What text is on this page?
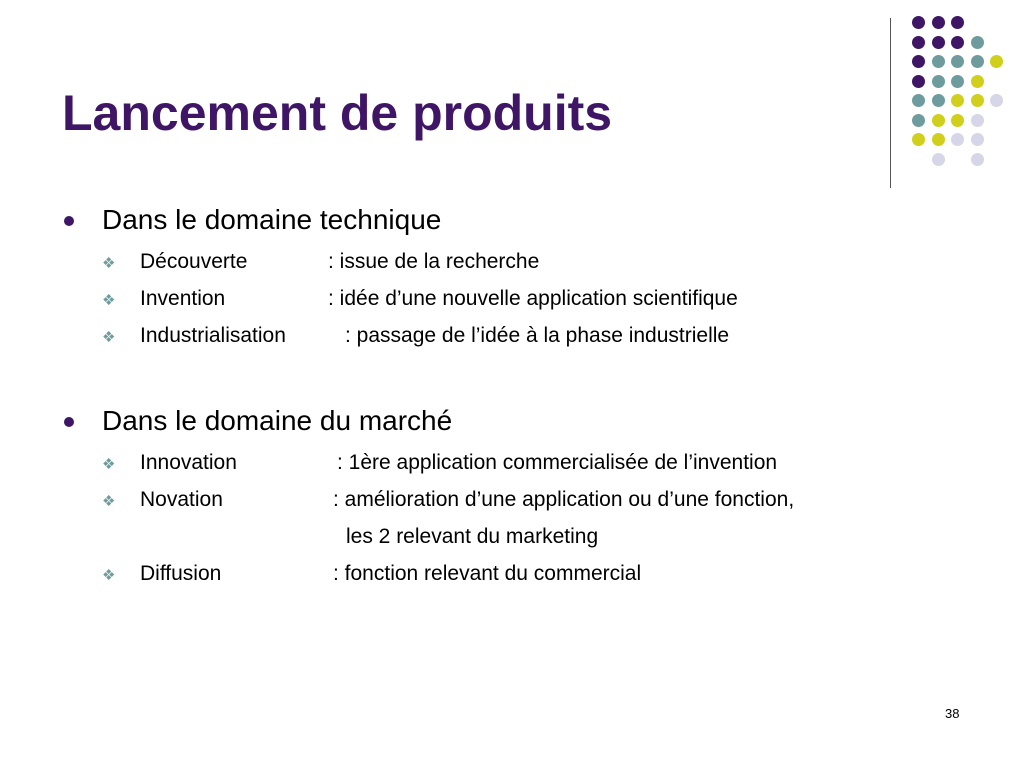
Lancement de produits
Dans le domaine technique
❖ Découverte	: issue de la recherche
❖ Invention	: idée d’une nouvelle application scientifique
❖ Industrialisation	: passage de l’idée à la phase industrielle
Dans le domaine du marché
❖ Innovation	: 1ère application commercialisée de l’invention
❖ Novation	: amélioration d’une application ou d’une fonction,
les 2 relevant du marketing
❖ Diffusion	: fonction relevant du commercial
38
